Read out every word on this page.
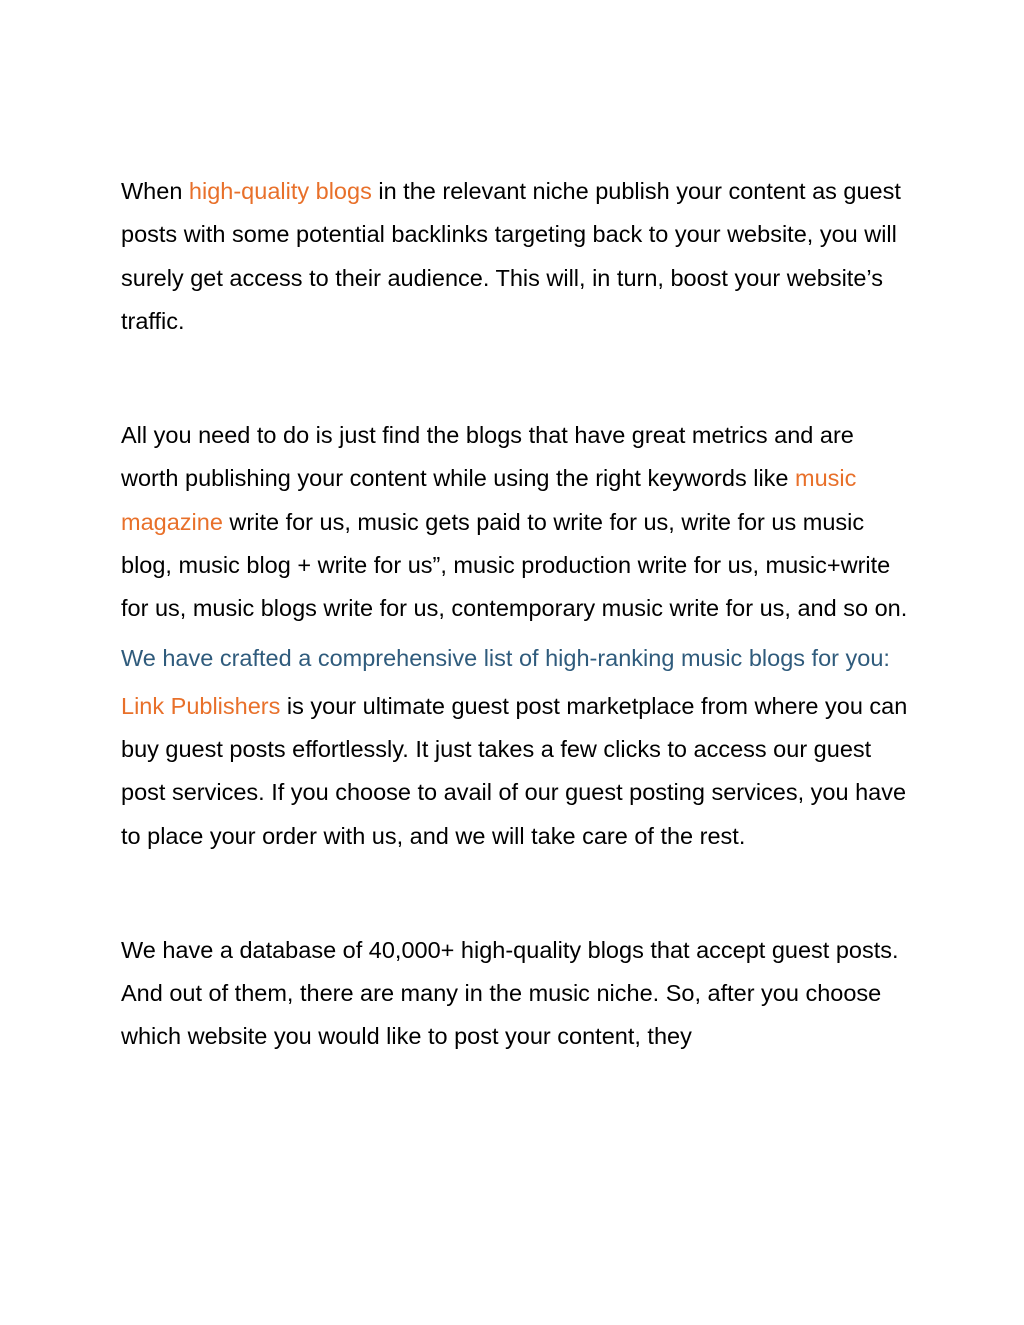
When high-quality blogs in the relevant niche publish your content as guest posts with some potential backlinks targeting back to your website, you will surely get access to their audience. This will, in turn, boost your website’s traffic.

All you need to do is just find the blogs that have great metrics and are worth publishing your content while using the right keywords like music magazine write for us, music gets paid to write for us, write for us music blog, music blog + write for us”, music production write for us, music+write for us, music blogs write for us, contemporary music write for us, and so on.

We have crafted a comprehensive list of high-ranking music blogs for you:

Link Publishers is your ultimate guest post marketplace from where you can buy guest posts effortlessly. It just takes a few clicks to access our guest post services. If you choose to avail of our guest posting services, you have to place your order with us, and we will take care of the rest.

We have a database of 40,000+ high-quality blogs that accept guest posts. And out of them, there are many in the music niche. So, after you choose which website you would like to post your content, they
